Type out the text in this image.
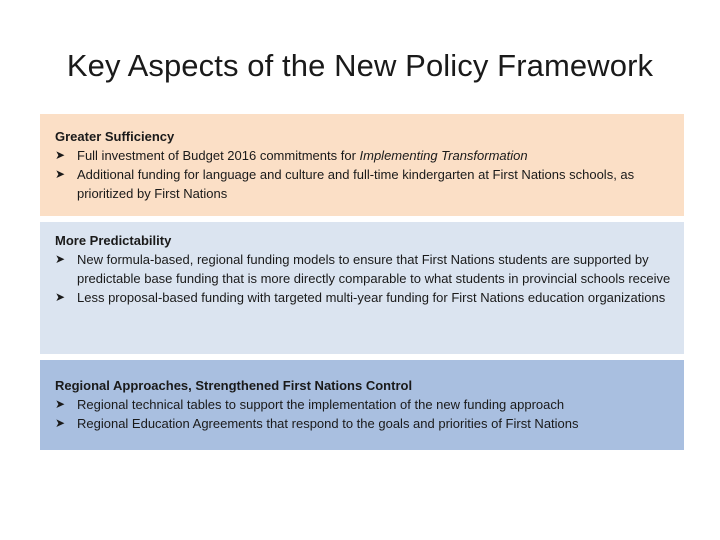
Key Aspects of the New Policy Framework
Greater Sufficiency
➤ Full investment of Budget 2016 commitments for Implementing Transformation
➤ Additional funding for language and culture and full-time kindergarten at First Nations schools, as prioritized by First Nations
More Predictability
➤ New formula-based, regional funding models to ensure that First Nations students are supported by predictable base funding that is more directly comparable to what students in provincial schools receive
➤ Less proposal-based funding with targeted multi-year funding for First Nations education organizations
Regional Approaches, Strengthened First Nations Control
➤ Regional technical tables to support the implementation of the new funding approach
➤ Regional Education Agreements that respond to the goals and priorities of First Nations
